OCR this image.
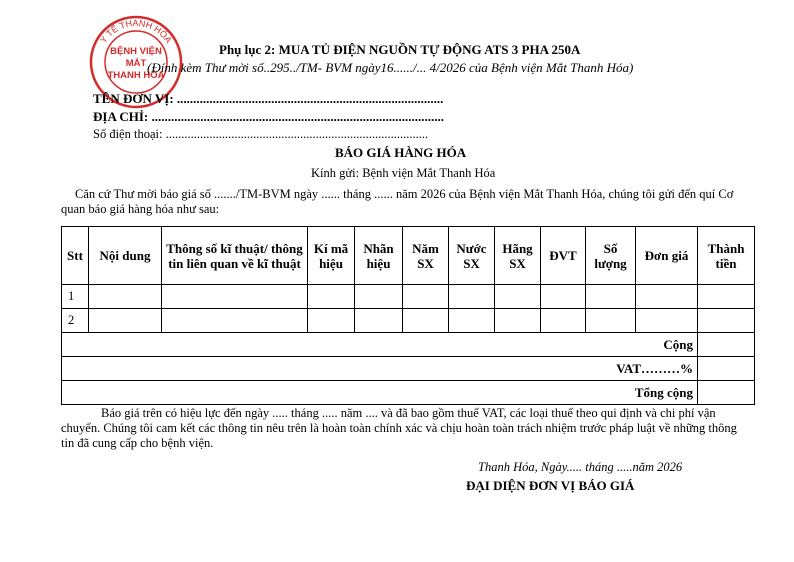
Y TẾ THANH HÓA
BỆNH VIỆN
MẮT
THANH HÓA
Phụ lục 2: MUA TỦ ĐIỆN NGUỒN TỰ ĐỘNG ATS 3 PHA 250A
(Đính kèm Thư mời số..295../TM- BVM ngày16....../... 4/2026 của Bệnh viện Mắt Thanh Hóa)
TÊN ĐƠN VỊ: ..................................................................................
ĐỊA CHỈ: ..........................................................................................
Số điện thoại: ....................................................................................
BÁO GIÁ HÀNG HÓA
Kính gửi: Bệnh viện Mắt Thanh Hóa
Căn cứ Thư mời báo giá số ......./TM-BVM ngày ...... tháng ...... năm 2026 của Bệnh viện Mắt Thanh Hóa, chúng tôi gửi đến quí Cơ quan báo giá hàng hóa như sau:
Stt	Nội dung	Thông số kĩ thuật/ thông tin liên quan về kĩ thuật	Kí mã hiệu	Nhãn hiệu	Năm SX	Nước SX	Hãng SX	ĐVT	Số lượng	Đơn giá	Thành tiền
1											
2											
Cộng											
VAT………%											
Tổng cộng											
Báo giá trên có hiệu lực đến ngày ..... tháng ..... năm .... và đã bao gồm thuế VAT, các loại thuế theo qui định và chi phí vận chuyển. Chúng tôi cam kết các thông tin nêu trên là hoàn toàn chính xác và chịu hoàn toàn trách nhiệm trước pháp luật về những thông tin đã cung cấp cho bệnh viện.
Thanh Hóa, Ngày..... tháng .....năm 2026
ĐẠI DIỆN ĐƠN VỊ BÁO GIÁ
